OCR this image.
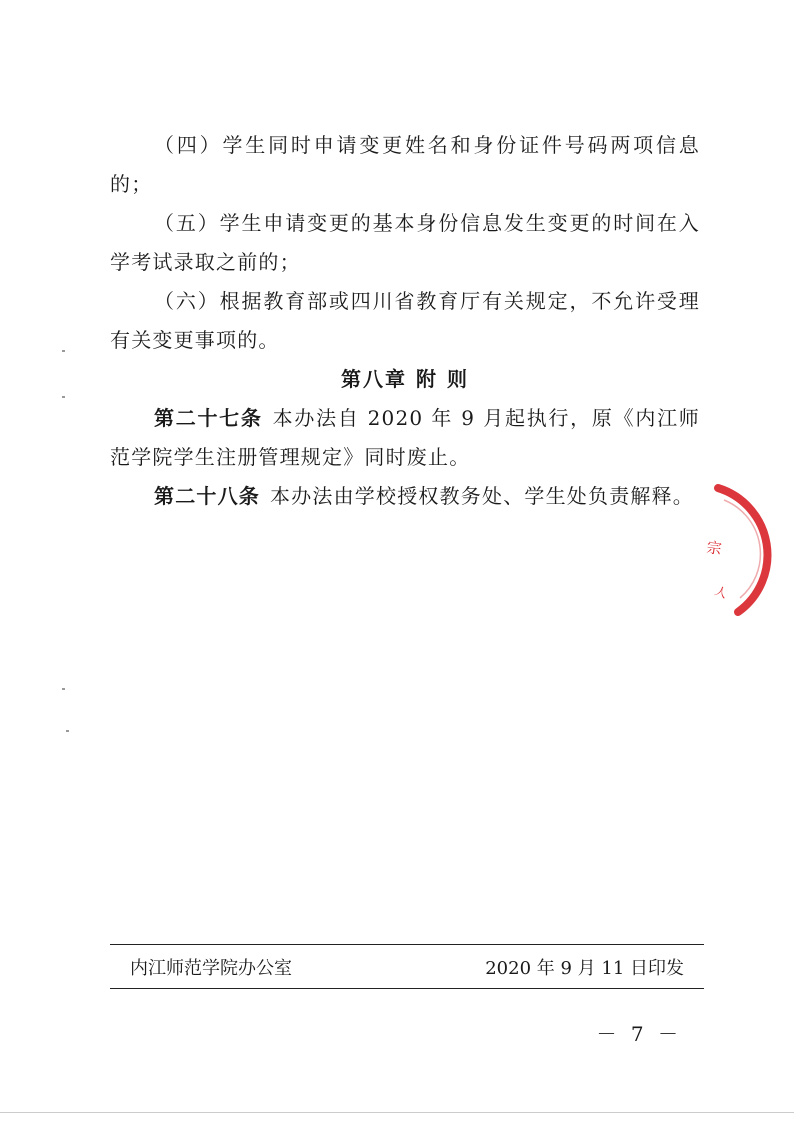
（四）学生同时申请变更姓名和身份证件号码两项信息的；

（五）学生申请变更的基本身份信息发生变更的时间在入学考试录取之前的；

（六）根据教育部或四川省教育厅有关规定，不允许受理有关变更事项的。

第八章 附 则

第二十七条 本办法自 2020 年 9 月起执行，原《内江师范学院学生注册管理规定》同时废止。

第二十八条 本办法由学校授权教务处、学生处负责解释。

宗
人
内江师范学院办公室	2020 年 9 月 11 日印发
－ 7 －
